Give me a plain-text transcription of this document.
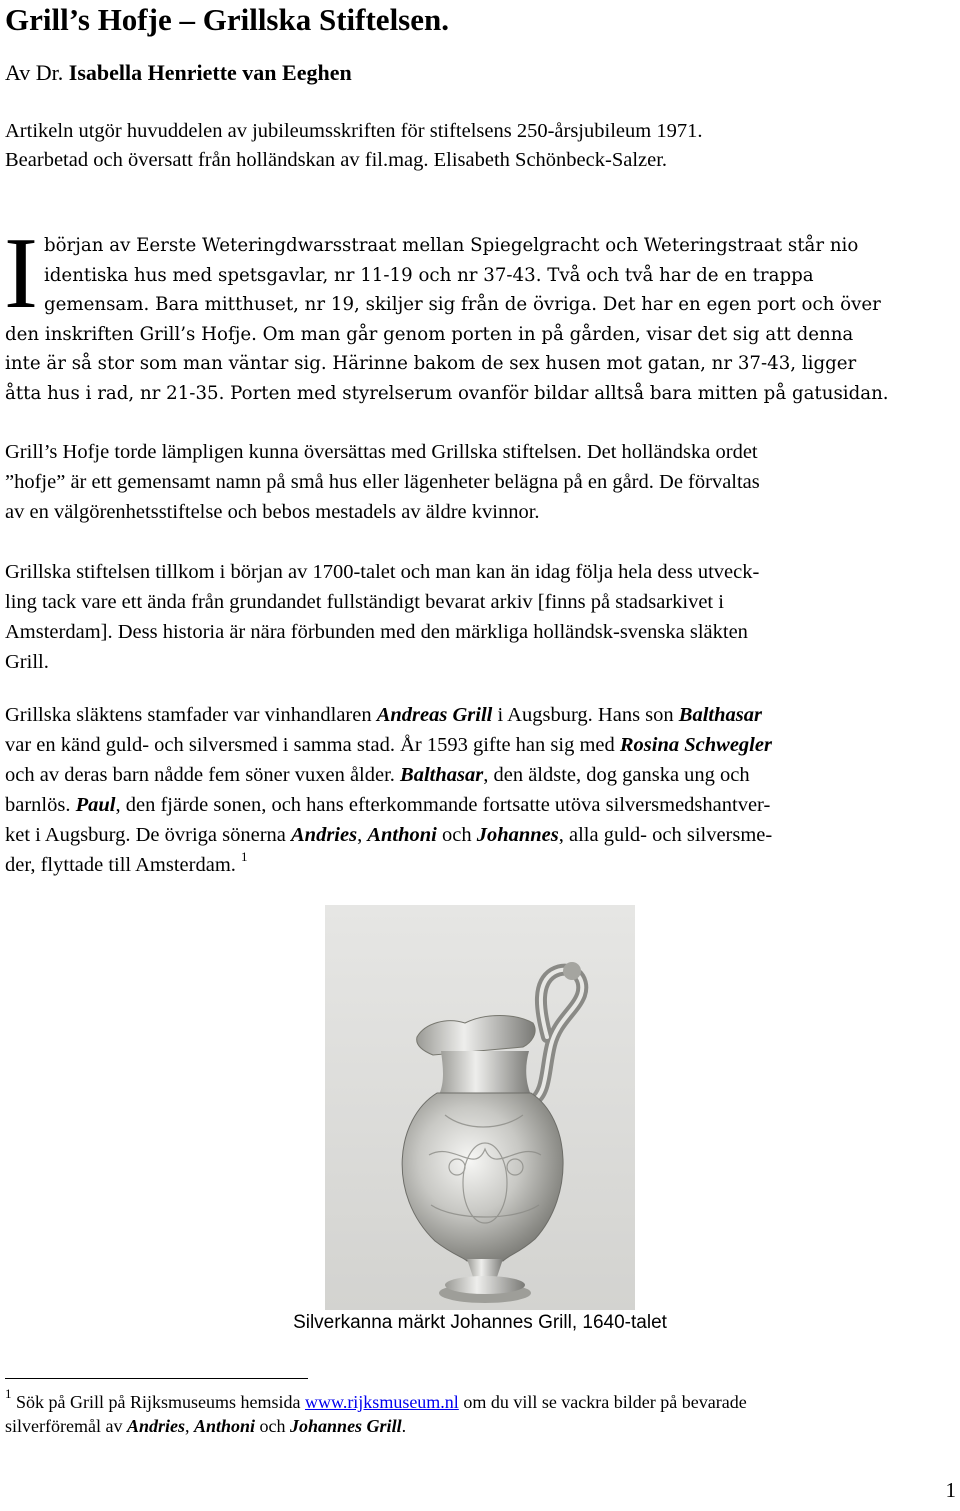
Grill’s Hofje – Grillska Stiftelsen.
Av Dr. Isabella Henriette van Eeghen
Artikeln utgör huvuddelen av jubileumsskriften för stiftelsens 250-årsjubileum 1971.
Bearbetad och översatt från holländskan av fil.mag. Elisabeth Schönbeck-Salzer.
I början av Eerste Weteringdwarsstraat mellan Spiegelgracht och Weteringstraat står nio
identiska hus med spetsgavlar, nr 11-19 och nr 37-43. Två och två har de en trappa
gemensam. Bara mitthuset, nr 19, skiljer sig från de övriga. Det har en egen port och över
den inskriften Grill’s Hofje. Om man går genom porten in på gården, visar det sig att denna
inte är så stor som man väntar sig. Härinne bakom de sex husen mot gatan, nr 37-43, ligger
åtta hus i rad, nr 21-35. Porten med styrelserum ovanför bildar alltså bara mitten på gatusidan.
Grill’s Hofje torde lämpligen kunna översättas med Grillska stiftelsen. Det holländska ordet
”hofje” är ett gemensamt namn på små hus eller lägenheter belägna på en gård. De förvaltas
av en välgörenhetsstiftelse och bebos mestadels av äldre kvinnor.
Grillska stiftelsen tillkom i början av 1700-talet och man kan än idag följa hela dess utveck-
ling tack vare ett ända från grundandet fullständigt bevarat arkiv [finns på stadsarkivet i
Amsterdam]. Dess historia är nära förbunden med den märkliga holländsk-svenska släkten
Grill.
Grillska släktens stamfader var vinhandlaren Andreas Grill i Augsburg. Hans son Balthasar
var en känd guld- och silversmed i samma stad. År 1593 gifte han sig med Rosina Schwegler
och av deras barn nådde fem söner vuxen ålder. Balthasar, den äldste, dog ganska ung och
barnlös. Paul, den fjärde sonen, och hans efterkommande fortsatte utöva silversmedshantver-
ket i Augsburg. De övriga sönerna Andries, Anthoni och Johannes, alla guld- och silversme-
der, flyttade till Amsterdam. $^1$
Silverkanna märkt Johannes Grill, 1640-talet
$^1$ Sök på Grill på Rijksmuseums hemsida www.rijksmuseum.nl om du vill se vackra bilder på bevarade
silverföremål av Andries, Anthoni och Johannes Grill.
1
